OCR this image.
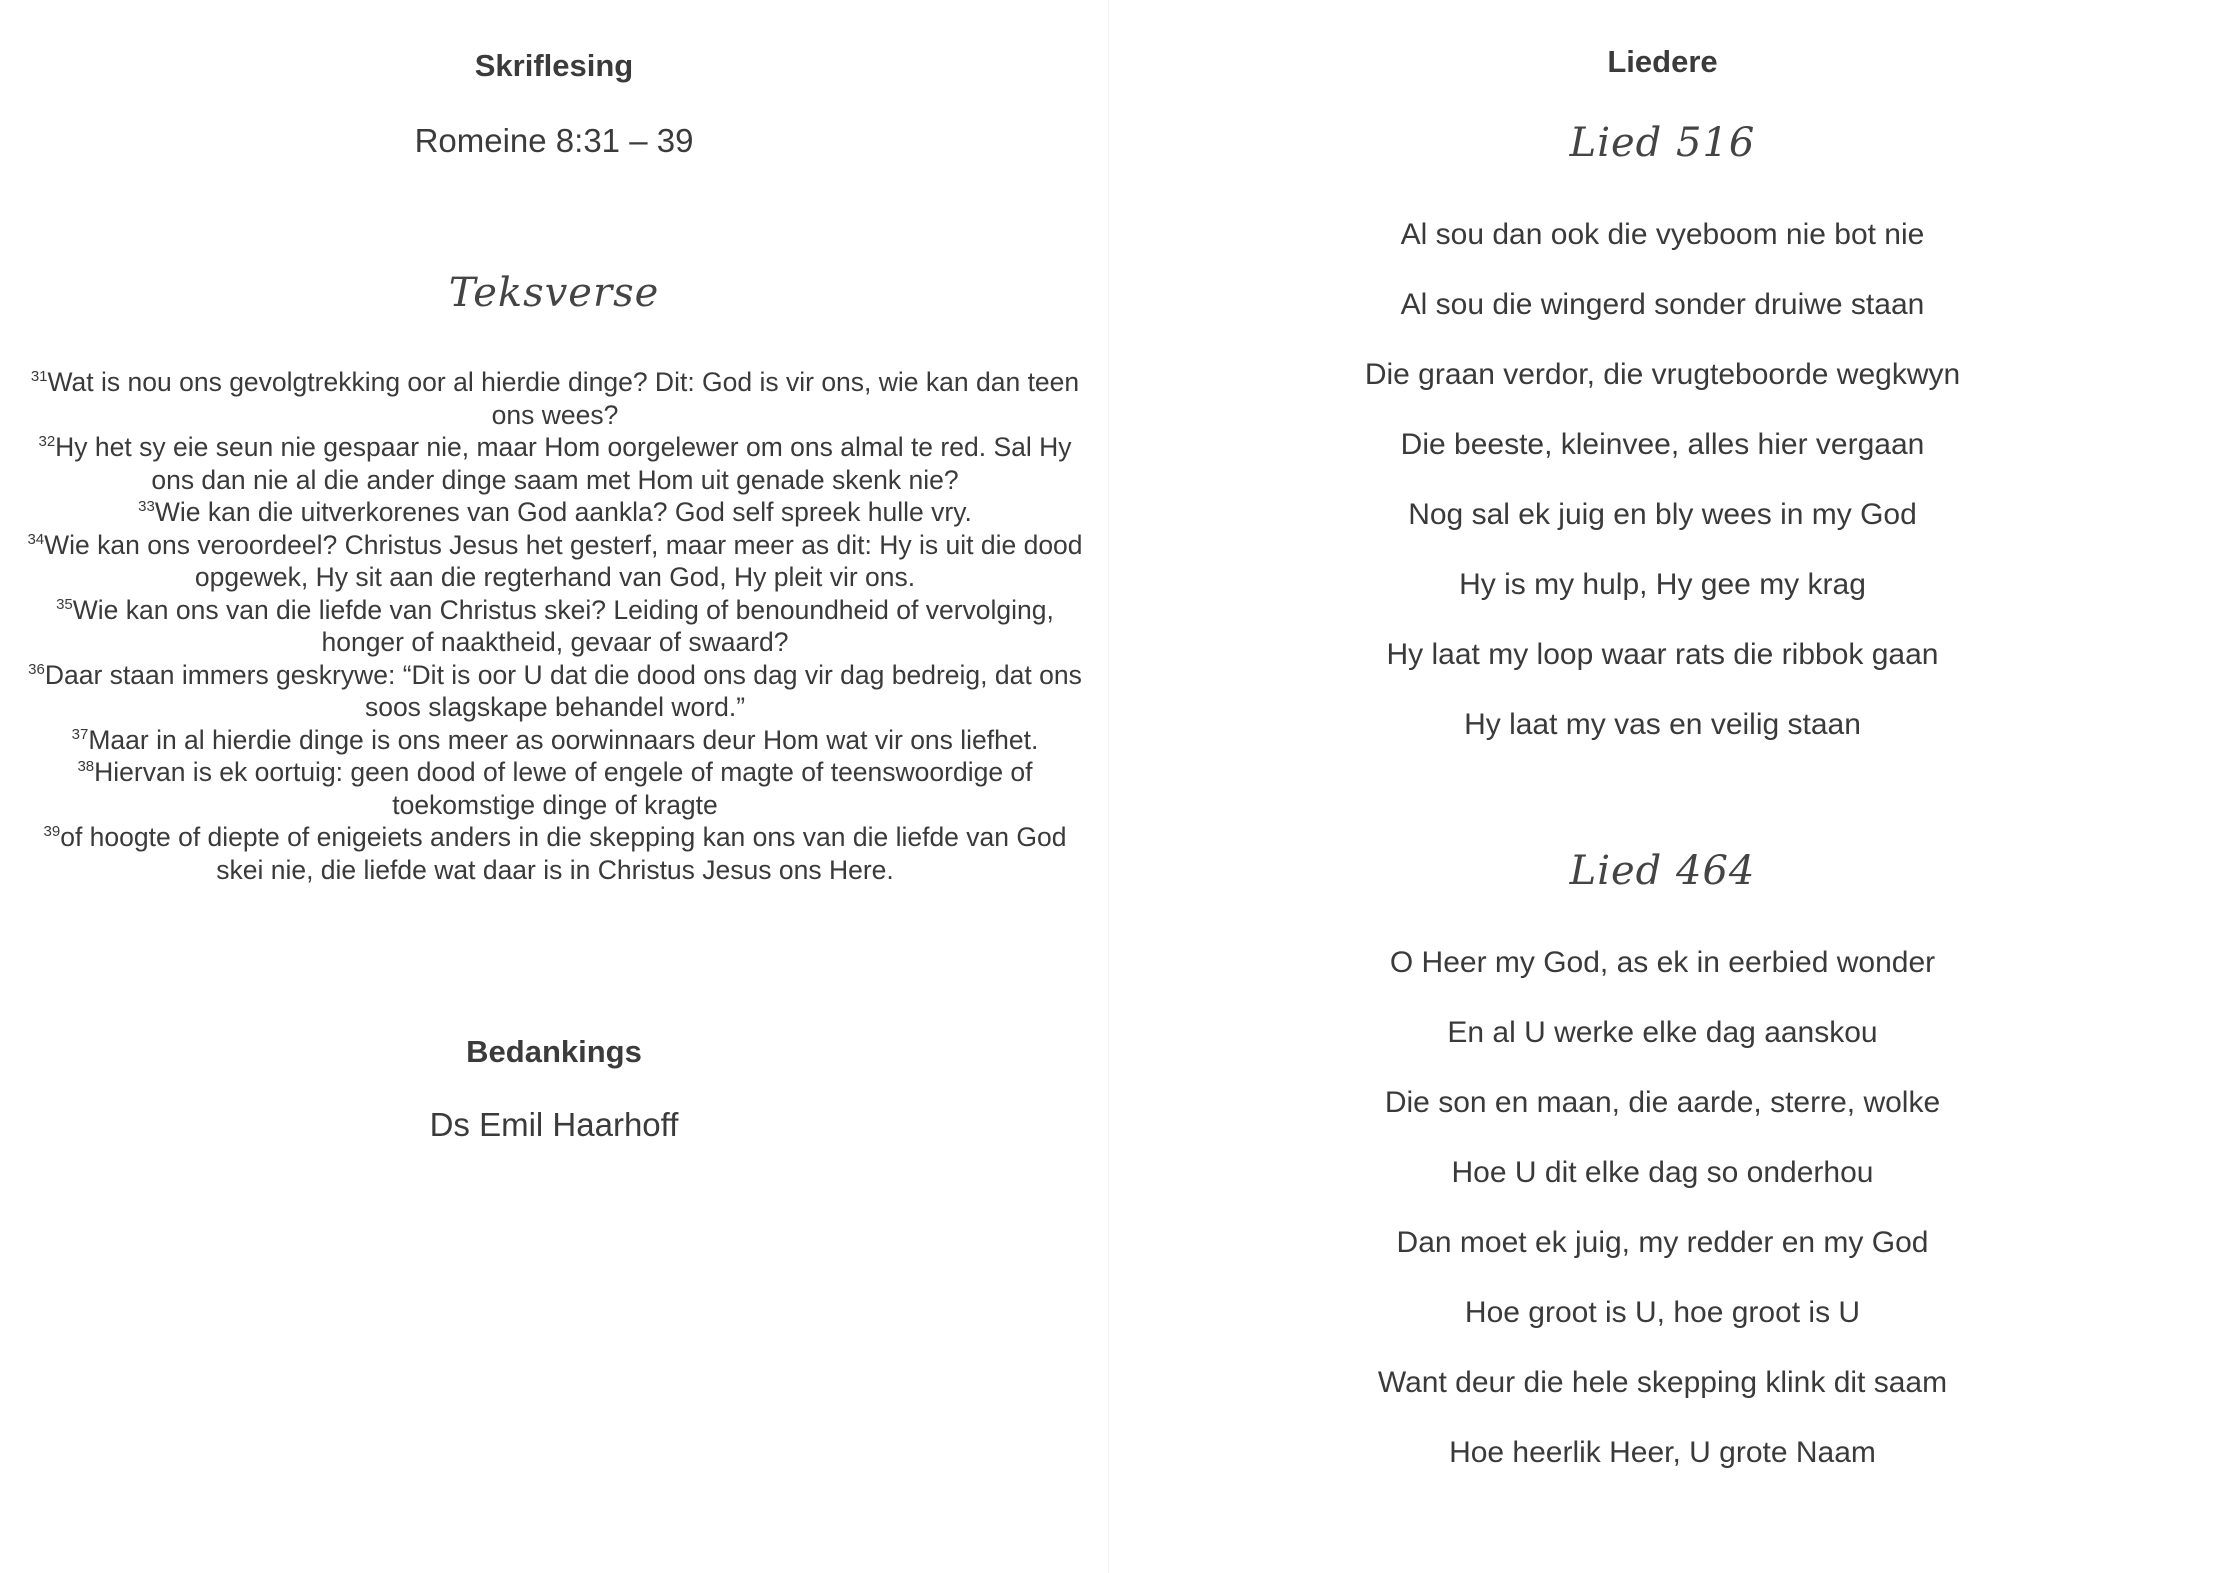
Skriflesing
Romeine 8:31 – 39
Teksverse

$^{31}$Wat is nou ons gevolgtrekking oor al hierdie dinge? Dit: God is vir ons, wie kan dan teen ons wees?

$^{32}$Hy het sy eie seun nie gespaar nie, maar Hom oorgelewer om ons almal te red. Sal Hy ons dan nie al die ander dinge saam met Hom uit genade skenk nie?

$^{33}$Wie kan die uitverkorenes van God aankla? God self spreek hulle vry.

$^{34}$Wie kan ons veroordeel? Christus Jesus het gesterf, maar meer as dit: Hy is uit die dood opgewek, Hy sit aan die regterhand van God, Hy pleit vir ons.

$^{35}$Wie kan ons van die liefde van Christus skei? Leiding of benoundheid of vervolging, honger of naaktheid, gevaar of swaard?

$^{36}$Daar staan immers geskrywe: “Dit is oor U dat die dood ons dag vir dag bedreig, dat ons soos slagskape behandel word.”

$^{37}$Maar in al hierdie dinge is ons meer as oorwinnaars deur Hom wat vir ons liefhet.

$^{38}$Hiervan is ek oortuig: geen dood of lewe of engele of magte of teenswoordige of toekomstige dinge of kragte

$^{39}$of hoogte of diepte of enigeiets anders in die skepping kan ons van die liefde van God skei nie, die liefde wat daar is in Christus Jesus ons Here.

Bedankings
Ds Emil Haarhoff
Liedere
Lied 516
Al sou dan ook die vyeboom nie bot nie
Al sou die wingerd sonder druiwe staan
Die graan verdor, die vrugteboorde wegkwyn
Die beeste, kleinvee, alles hier vergaan
Nog sal ek juig en bly wees in my God
Hy is my hulp, Hy gee my krag
Hy laat my loop waar rats die ribbok gaan
Hy laat my vas en veilig staan
Lied 464
O Heer my God, as ek in eerbied wonder
En al U werke elke dag aanskou
Die son en maan, die aarde, sterre, wolke
Hoe U dit elke dag so onderhou
Dan moet ek juig, my redder en my God
Hoe groot is U, hoe groot is U
Want deur die hele skepping klink dit saam
Hoe heerlik Heer, U grote Naam
